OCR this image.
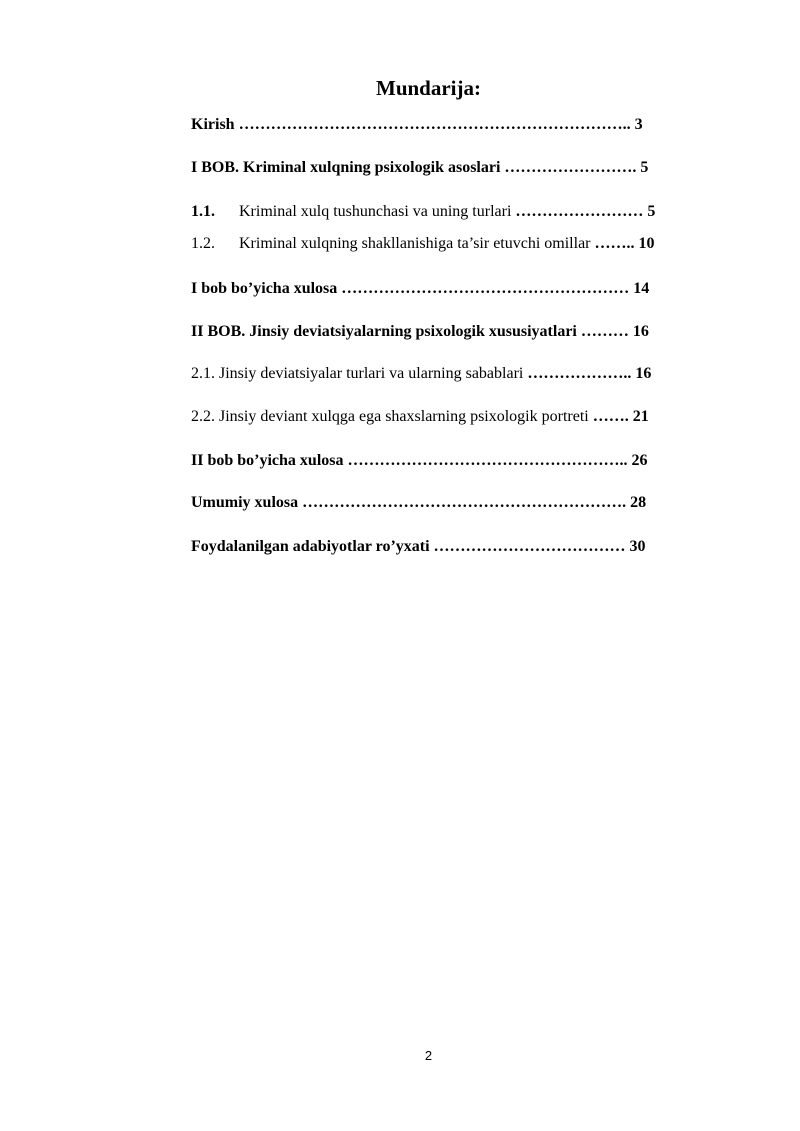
Mundarija:
Kirish ……………………………………………………………….. 3
I BOB. Kriminal xulqning psixologik asoslari ……………………. 5
1.1. Kriminal xulq tushunchasi va uning turlari …………………… 5
1.2. Kriminal xulqning shakllanishiga ta’sir etuvchi omillar …….. 10
I bob bo’yicha xulosa ……………………………………………… 14
II BOB. Jinsiy deviatsiyalarning psixologik xususiyatlari ……… 16
2.1. Jinsiy deviatsiyalar turlari va ularning sabablari ……………….. 16
2.2. Jinsiy deviant xulqga ega shaxslarning psixologik portreti ……. 21
II bob bo’yicha xulosa …………………………………………….. 26
Umumiy xulosa ……………………………………………………. 28
Foydalanilgan adabiyotlar ro’yxati ……………………………… 30
2
